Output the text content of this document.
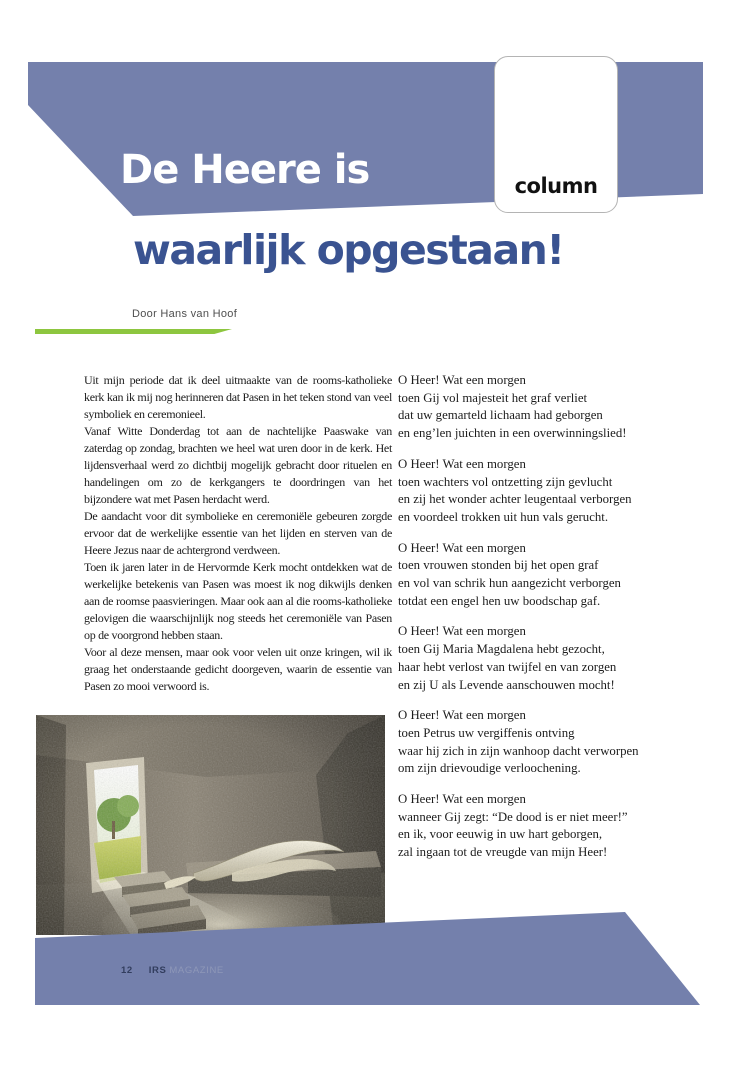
column
De Heere is
waarlijk opgestaan!
Door Hans van Hoof

Uit mijn periode dat ik deel uitmaakte van de rooms-katholieke kerk kan ik mij nog herinneren dat Pasen in het teken stond van veel symboliek en ceremonieel.

Vanaf Witte Donderdag tot aan de nachtelijke Paaswake van zaterdag op zondag, brachten we heel wat uren door in de kerk. Het lijdensverhaal werd zo dichtbij mogelijk gebracht door rituelen en handelingen om zo de kerkgangers te doordringen van het bijzondere wat met Pasen herdacht werd.

De aandacht voor dit symbolieke en ceremoniële gebeuren zorgde ervoor dat de werkelijke essentie van het lijden en sterven van de Heere Jezus naar de achtergrond verdween.

Toen ik jaren later in de Hervormde Kerk mocht ontdekken wat de werkelijke betekenis van Pasen was moest ik nog dikwijls denken aan de roomse paasvieringen. Maar ook aan al die rooms-katholieke gelovigen die waarschijnlijk nog steeds het ceremoniële van Pasen op de voorgrond hebben staan.

Voor al deze mensen, maar ook voor velen uit onze kringen, wil ik graag het onderstaande gedicht doorgeven, waarin de essentie van Pasen zo mooi verwoord is.

O Heer! Wat een morgen
toen Gij vol majesteit het graf verliet
dat uw gemarteld lichaam had geborgen
en eng’len juichten in een overwinningslied!
O Heer! Wat een morgen
toen wachters vol ontzetting zijn gevlucht
en zij het wonder achter leugentaal verborgen
en voordeel trokken uit hun vals gerucht.
O Heer! Wat een morgen
toen vrouwen stonden bij het open graf
en vol van schrik hun aangezicht verborgen
totdat een engel hen uw boodschap gaf.
O Heer! Wat een morgen
toen Gij Maria Magdalena hebt gezocht,
haar hebt verlost van twijfel en van zorgen
en zij U als Levende aanschouwen mocht!
O Heer! Wat een morgen
toen Petrus uw vergiffenis ontving
waar hij zich in zijn wanhoop dacht verworpen
om zijn drievoudige verloochening.
O Heer! Wat een morgen
wanneer Gij zegt: “De dood is er niet meer!”
en ik, voor eeuwig in uw hart geborgen,
zal ingaan tot de vreugde van mijn Heer!
12 IRS MAGAZINE
